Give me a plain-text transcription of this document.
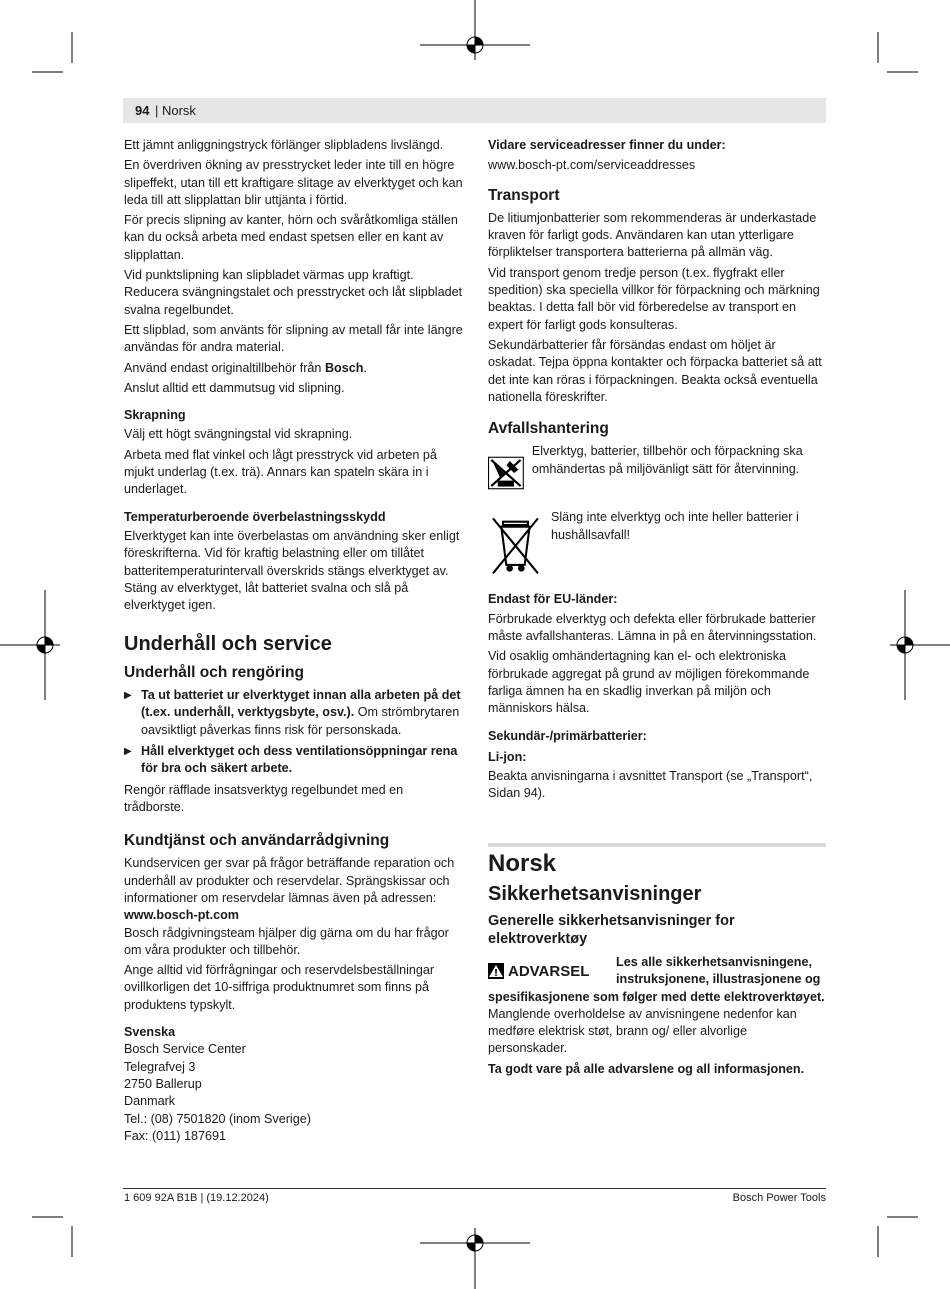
94 | Norsk

Ett jämnt anliggningstryck förlänger slipbladens livslängd.

En överdriven ökning av presstrycket leder inte till en högre slipeffekt, utan till ett kraftigare slitage av elverktyget och kan leda till att slipplattan blir uttjänta i förtid.

För precis slipning av kanter, hörn och svåråtkomliga ställen kan du också arbeta med endast spetsen eller en kant av slipplattan.

Vid punktslipning kan slipbladet värmas upp kraftigt. Reducera svängningstalet och presstrycket och låt slipbladet svalna regelbundet.

Ett slipblad, som använts för slipning av metall får inte längre användas för andra material.

Använd endast originaltillbehör från Bosch.

Anslut alltid ett dammutsug vid slipning.

Skrapning

Välj ett högt svängningstal vid skrapning.

Arbeta med flat vinkel och lågt presstryck vid arbeten på mjukt underlag (t.ex. trä). Annars kan spateln skära in i underlaget.

Temperaturberoende överbelastningsskydd

Elverktyget kan inte överbelastas om användning sker enligt föreskrifterna. Vid för kraftig belastning eller om tillåtet batteritemperaturintervall överskrids stängs elverktyget av. Stäng av elverktyget, låt batteriet svalna och slå på elverktyget igen.

Underhåll och service
Underhåll och rengöring
▶ Ta ut batteriet ur elverktyget innan alla arbeten på det (t.ex. underhåll, verktygsbyte, osv.). Om strömbrytaren oavsiktligt påverkas finns risk för personskada.
▶ Håll elverktyget och dess ventilationsöppningar rena för bra och säkert arbete.

Rengör räfflade insatsverktyg regelbundet med en trådborste.

Kundtjänst och användarrådgivning

Kundservicen ger svar på frågor beträffande reparation och underhåll av produkter och reservdelar. Sprängskissar och informationer om reservdelar lämnas även på adressen:

www.bosch-pt.com

Bosch rådgivningsteam hjälper dig gärna om du har frågor om våra produkter och tillbehör.

Ange alltid vid förfrågningar och reservdelsbeställningar ovillkorligen det 10-siffriga produktnumret som finns på produktens typskylt.

Svenska
Bosch Service Center
Telegrafvej 3
2750 Ballerup
Danmark
Tel.: (08) 7501820 (inom Sverige)
Fax: (011) 187691
Vidare serviceadresser finner du under:

www.bosch-pt.com/serviceaddresses

Transport

De litiumjonbatterier som rekommenderas är underkastade kraven för farligt gods. Användaren kan utan ytterligare förpliktelser transportera batterierna på allmän väg.

Vid transport genom tredje person (t.ex. flygfrakt eller spedition) ska speciella villkor för förpackning och märkning beaktas. I detta fall bör vid förberedelse av transport en expert för farligt gods konsulteras.

Sekundärbatterier får försändas endast om höljet är oskadat. Tejpa öppna kontakter och förpacka batteriet så att det inte kan röras i förpackningen. Beakta också eventuella nationella föreskrifter.

Avfallshantering
Elverktyg, batterier, tillbehör och förpackning ska omhändertas på miljövänligt sätt för återvinning.
Släng inte elverktyg och inte heller batterier i hushållsavfall!
Endast för EU-länder:

Förbrukade elverktyg och defekta eller förbrukade batterier måste avfallshanteras. Lämna in på en återvinningsstation.

Vid osaklig omhändertagning kan el- och elektroniska förbrukade aggregat på grund av möjligen förekommande farliga ämnen ha en skadlig inverkan på miljön och människors hälsa.

Sekundär-/primärbatterier:
Li-jon:

Beakta anvisningarna i avsnittet Transport (se „Transport“, Sidan 94).

Norsk
Sikkerhetsanvisninger
Generelle sikkerhetsanvisninger for elektroverktøy
ADVARSEL
Les alle sikkerhetsanvisningene, instruksjonene, illustrasjonene og

spesifikasjonene som følger med dette elektroverktøyet. Manglende overholdelse av anvisningene nedenfor kan medføre elektrisk støt, brann og/ eller alvorlige personskader.

Ta godt vare på alle advarslene og all informasjonen.

1 609 92A B1B | (19.12.2024)	Bosch Power Tools
